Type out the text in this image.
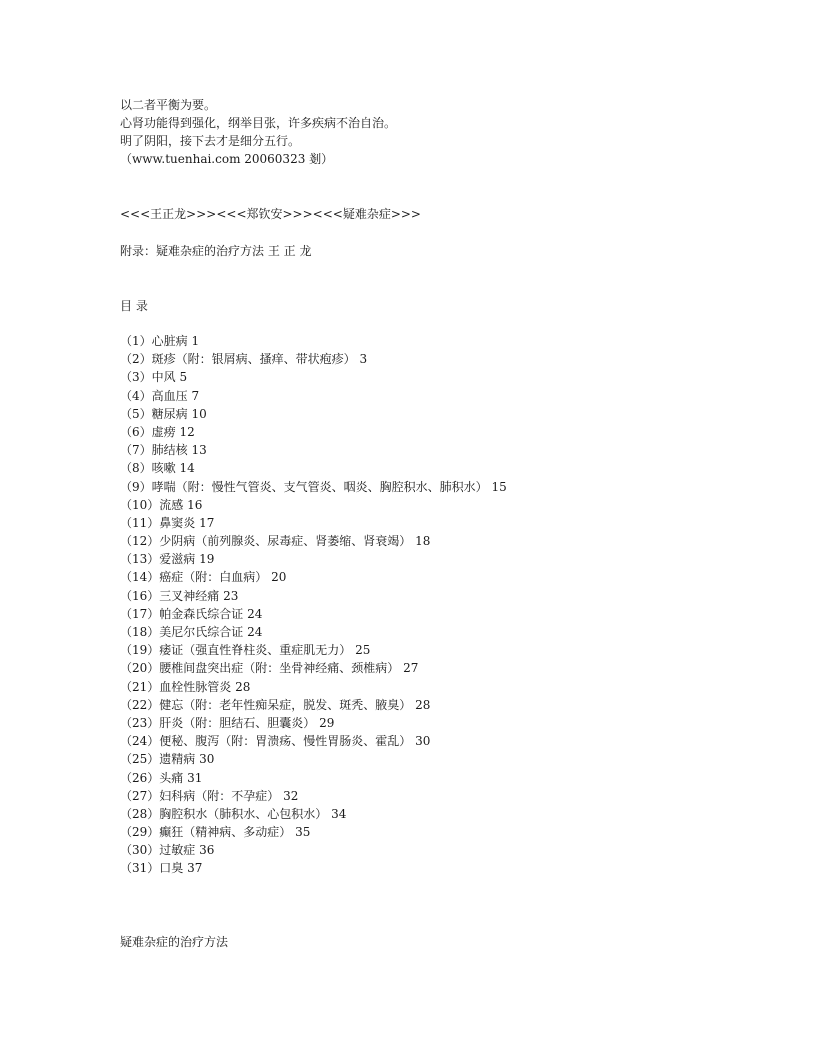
以二者平衡为要。
心肾功能得到强化，纲举目张，许多疾病不治自治。
明了阴阳，接下去才是细分五行。
（www.tuenhai.com 20060323 剗）
<<<王正龙>>><<<郑钦安>>><<<疑难杂症>>>
附录：疑难杂症的治疗方法 王 正 龙
目 录
（1）心脏病 1
（2）斑疹（附：银屑病、搔痒、带状疱疹） 3
（3）中风 5
（4）高血压 7
（5）糖尿病 10
（6）虚痨 12
（7）肺结核 13
（8）咳嗽 14
（9）哮喘（附：慢性气管炎、支气管炎、咽炎、胸腔积水、肺积水） 15
（10）流感 16
（11）鼻窦炎 17
（12）少阴病（前列腺炎、尿毒症、肾萎缩、肾衰竭） 18
（13）爱滋病 19
（14）癌症（附：白血病） 20
（16）三叉神经痛 23
（17）帕金森氏综合证 24
（18）美尼尔氏综合证 24
（19）痿证（强直性脊柱炎、重症肌无力） 25
（20）腰椎间盘突出症（附：坐骨神经痛、颈椎病） 27
（21）血栓性脉管炎 28
（22）健忘（附：老年性痴呆症，脱发、斑秃、腋臭） 28
（23）肝炎（附：胆结石、胆囊炎） 29
（24）便秘、腹泻（附：胃溃疡、慢性胃肠炎、霍乱） 30
（25）遗精病 30
（26）头痛 31
（27）妇科病（附：不孕症） 32
（28）胸腔积水（肺积水、心包积水） 34
（29）癫狂（精神病、多动症） 35
（30）过敏症 36
（31）口臭 37
疑难杂症的治疗方法
